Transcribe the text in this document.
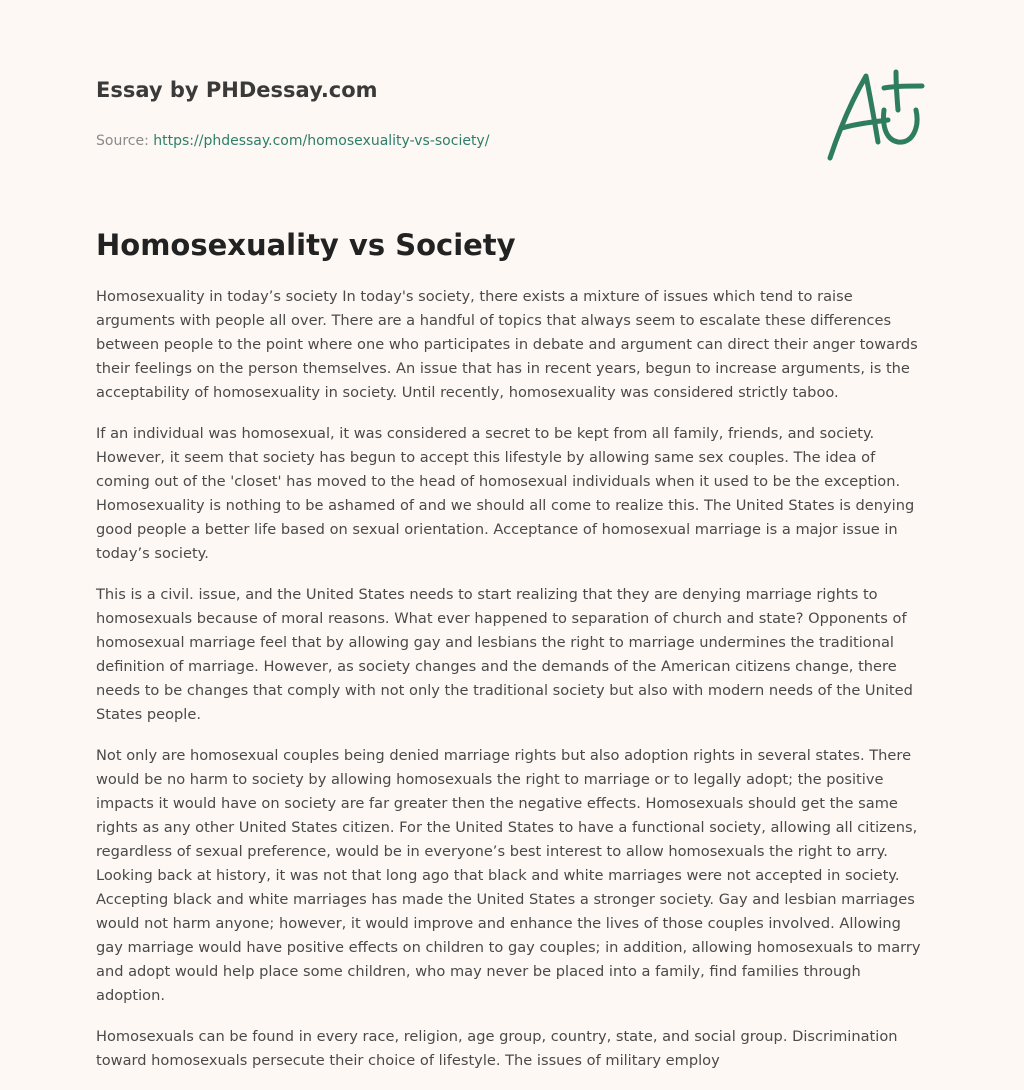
Essay by PHDessay.com
Source: https://phdessay.com/homosexuality-vs-society/
Homosexuality vs Society

Homosexuality in today’s society In today's society, there exists a mixture of issues which tend to raise arguments with people all over. There are a handful of topics that always seem to escalate these differences between people to the point where one who participates in debate and argument can direct their anger towards their feelings on the person themselves. An issue that has in recent years, begun to increase arguments, is the acceptability of homosexuality in society. Until recently, homosexuality was considered strictly taboo.

If an individual was homosexual, it was considered a secret to be kept from all family, friends, and society. However, it seem that society has begun to accept this lifestyle by allowing same sex couples. The idea of coming out of the 'closet' has moved to the head of homosexual individuals when it used to be the exception. Homosexuality is nothing to be ashamed of and we should all come to realize this. The United States is denying good people a better life based on sexual orientation. Acceptance of homosexual marriage is a major issue in today’s society.

This is a civil. issue, and the United States needs to start realizing that they are denying marriage rights to homosexuals because of moral reasons. What ever happened to separation of church and state? Opponents of homosexual marriage feel that by allowing gay and lesbians the right to marriage undermines the traditional definition of marriage. However, as society changes and the demands of the American citizens change, there needs to be changes that comply with not only the traditional society but also with modern needs of the United States people.

Not only are homosexual couples being denied marriage rights but also adoption rights in several states. There would be no harm to society by allowing homosexuals the right to marriage or to legally adopt; the positive impacts it would have on society are far greater then the negative effects. Homosexuals should get the same rights as any other United States citizen. For the United States to have a functional society, allowing all citizens, regardless of sexual preference, would be in everyone’s best interest to allow homosexuals the right to arry. Looking back at history, it was not that long ago that black and white marriages were not accepted in society. Accepting black and white marriages has made the United States a stronger society. Gay and lesbian marriages would not harm anyone; however, it would improve and enhance the lives of those couples involved. Allowing gay marriage would have positive effects on children to gay couples; in addition, allowing homosexuals to marry and adopt would help place some children, who may never be placed into a family, find families through adoption.

Homosexuals can be found in every race, religion, age group, country, state, and social group. Discrimination toward homosexuals persecute their choice of lifestyle. The issues of military employ
